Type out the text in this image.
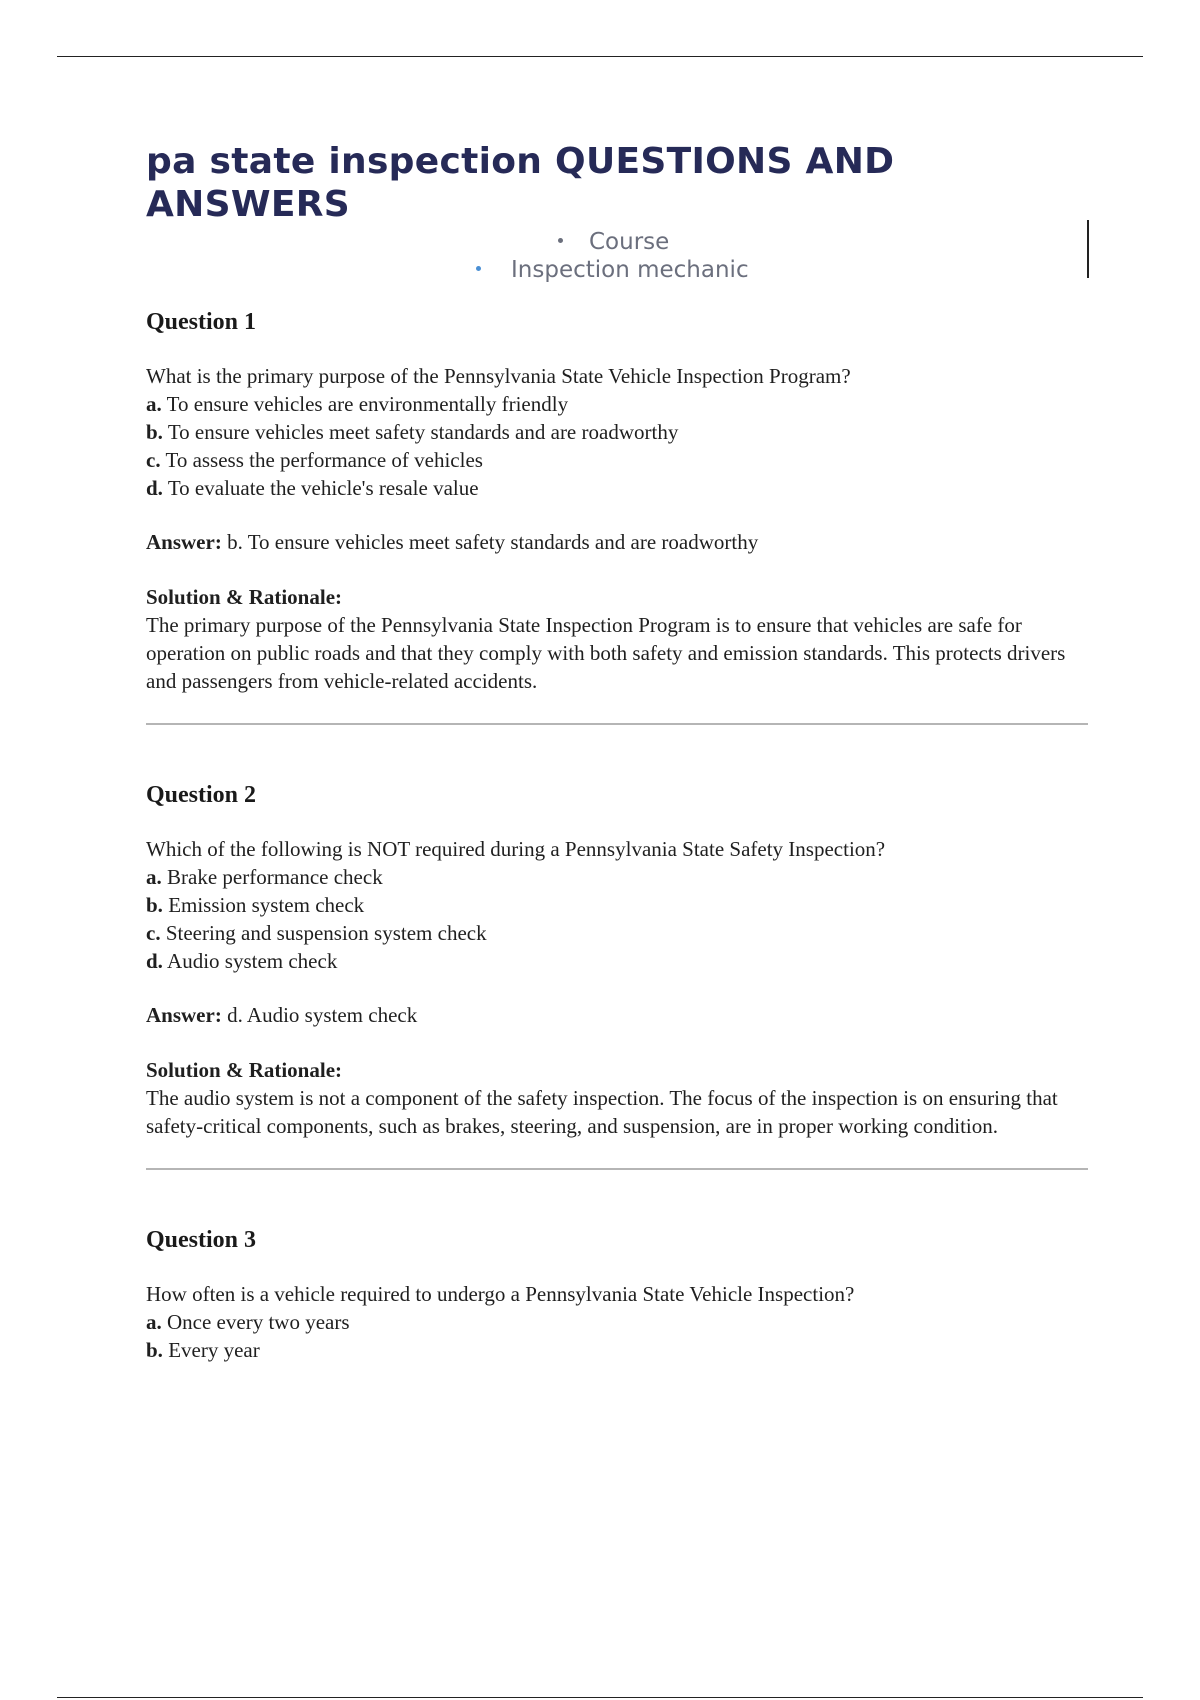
pa state inspection QUESTIONS AND ANSWERS
Course
Inspection mechanic
Question 1

What is the primary purpose of the Pennsylvania State Vehicle Inspection Program?

a. To ensure vehicles are environmentally friendly

b. To ensure vehicles meet safety standards and are roadworthy

c. To assess the performance of vehicles

d. To evaluate the vehicle's resale value

Answer: b. To ensure vehicles meet safety standards and are roadworthy

Solution & Rationale:

The primary purpose of the Pennsylvania State Inspection Program is to ensure that vehicles are safe for operation on public roads and that they comply with both safety and emission standards. This protects drivers and passengers from vehicle-related accidents.

Question 2

Which of the following is NOT required during a Pennsylvania State Safety Inspection?

a. Brake performance check

b. Emission system check

c. Steering and suspension system check

d. Audio system check

Answer: d. Audio system check

Solution & Rationale:

The audio system is not a component of the safety inspection. The focus of the inspection is on ensuring that safety-critical components, such as brakes, steering, and suspension, are in proper working condition.

Question 3

How often is a vehicle required to undergo a Pennsylvania State Vehicle Inspection?

a. Once every two years

b. Every year
